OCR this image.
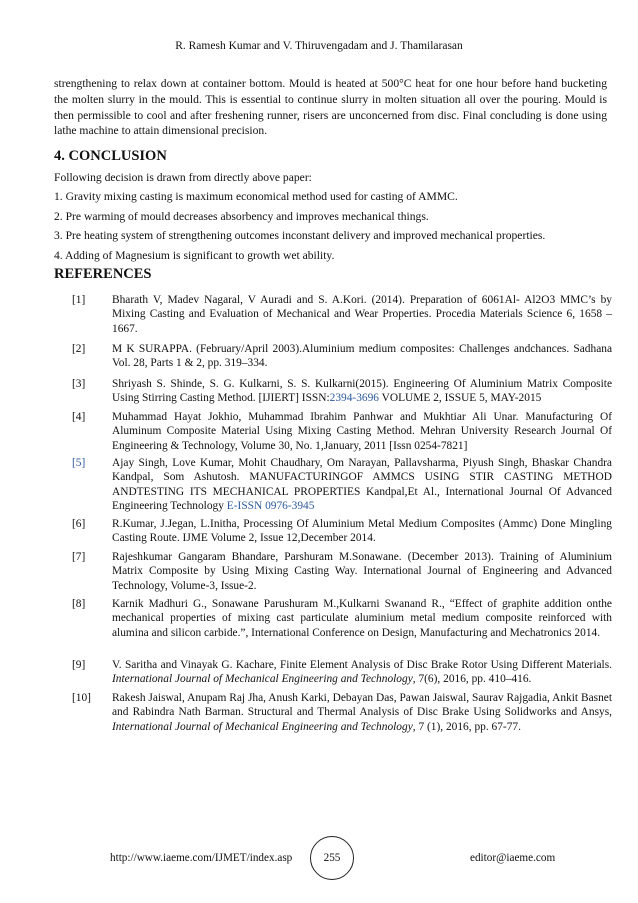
R. Ramesh Kumar and V. Thiruvengadam and J. Thamilarasan

strengthening to relax down at container bottom. Mould is heated at 500°C heat for one hour before hand bucketing the molten slurry in the mould. This is essential to continue slurry in molten situation all over the pouring. Mould is then permissible to cool and after freshening runner, risers are unconcerned from disc. Final concluding is done using lathe machine to attain dimensional precision.

4. CONCLUSION
Following decision is drawn from directly above paper:
1. Gravity mixing casting is maximum economical method used for casting of AMMC.
2. Pre warming of mould decreases absorbency and improves mechanical things.
3. Pre heating system of strengthening outcomes inconstant delivery and improved mechanical properties.
4. Adding of Magnesium is significant to growth wet ability.
REFERENCES
[1]	Bharath V, Madev Nagaral, V Auradi and S. A.Kori. (2014). Preparation of 6061Al- Al2O3 MMC’s by Mixing Casting and Evaluation of Mechanical and Wear Properties. Procedia Materials Science 6, 1658 –1667.
[2]	M K SURAPPA. (February/April 2003).Aluminium medium composites: Challenges andchances. Sadhana Vol. 28, Parts 1 & 2, pp. 319–334.
[3]	Shriyash S. Shinde, S. G. Kulkarni, S. S. Kulkarni(2015). Engineering Of Aluminium Matrix Composite Using Stirring Casting Method. [IJIERT] ISSN:2394-3696 VOLUME 2, ISSUE 5, MAY-2015
[4]	Muhammad Hayat Jokhio, Muhammad Ibrahim Panhwar and Mukhtiar Ali Unar. Manufacturing Of Aluminum Composite Material Using Mixing Casting Method. Mehran University Research Journal Of Engineering & Technology, Volume 30, No. 1,January, 2011 [Issn 0254-7821]
[5]	Ajay Singh, Love Kumar, Mohit Chaudhary, Om Narayan, Pallavsharma, Piyush Singh, Bhaskar Chandra Kandpal, Som Ashutosh. MANUFACTURINGOF AMMCS USING STIR CASTING METHOD ANDTESTING ITS MECHANICAL PROPERTIES Kandpal,Et Al., International Journal Of Advanced Engineering Technology E-ISSN 0976-3945
[6]	R.Kumar, J.Jegan, L.Initha, Processing Of Aluminium Metal Medium Composites (Ammc) Done Mingling Casting Route. IJME Volume 2, Issue 12,December 2014.
[7]	Rajeshkumar Gangaram Bhandare, Parshuram M.Sonawane. (December 2013). Training of Aluminium Matrix Composite by Using Mixing Casting Way. International Journal of Engineering and Advanced Technology, Volume-3, Issue-2.
[8]	Karnik Madhuri G., Sonawane Parushuram M.,Kulkarni Swanand R., “Effect of graphite addition onthe mechanical properties of mixing cast particulate aluminium metal medium composite reinforced with alumina and silicon carbide.”, International Conference on Design, Manufacturing and Mechatronics 2014.
[9]	V. Saritha and Vinayak G. Kachare, Finite Element Analysis of Disc Brake Rotor Using Different Materials. International Journal of Mechanical Engineering and Technology, 7(6), 2016, pp. 410–416.
[10]	Rakesh Jaiswal, Anupam Raj Jha, Anush Karki, Debayan Das, Pawan Jaiswal, Saurav Rajgadia, Ankit Basnet and Rabindra Nath Barman. Structural and Thermal Analysis of Disc Brake Using Solidworks and Ansys, International Journal of Mechanical Engineering and Technology, 7 (1), 2016, pp. 67-77.
http://www.iaeme.com/IJMET/index.asp	255	editor@iaeme.com
